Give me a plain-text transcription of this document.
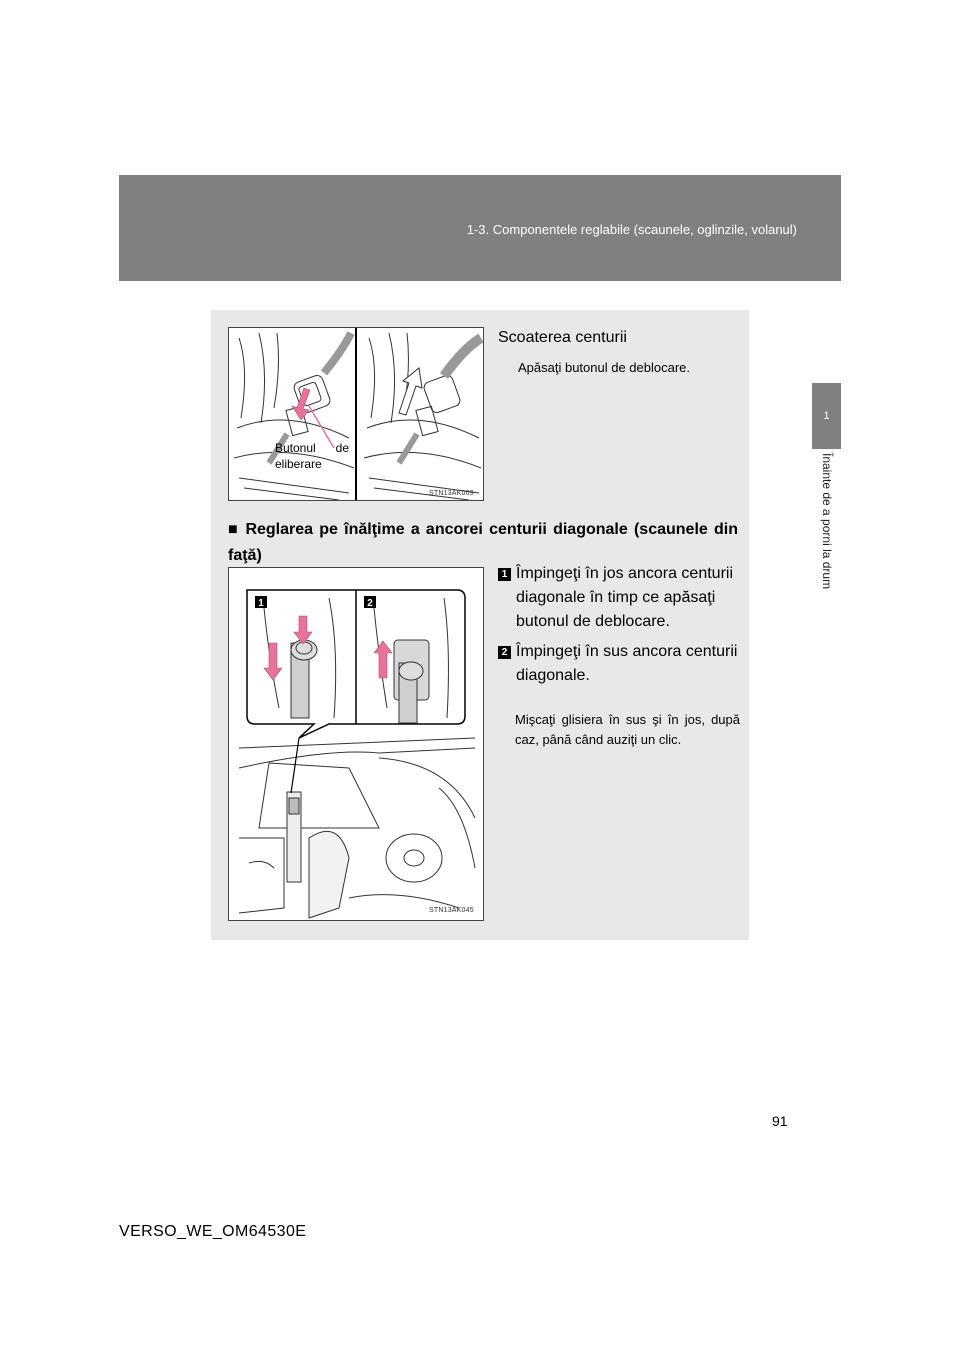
1-3. Componentele reglabile (scaunele, oglinzile, volanul)
1
Înainte de a porni la drum
STN13AK009
Butonul de eliberare
Scoaterea centurii
Apăsaţi butonul de deblocare.
■ Reglarea pe înălţime a ancorei centurii diagonale (scaunele din faţă)
1	2
STN13AK045
1 Împingeţi în jos ancora centurii diagonale în timp ce apăsaţi butonul de deblocare.
2 Împingeţi în sus ancora centurii diagonale.
Mişcaţi glisiera în sus şi în jos, după caz, până când auziţi un clic.
91
VERSO_WE_OM64530E
